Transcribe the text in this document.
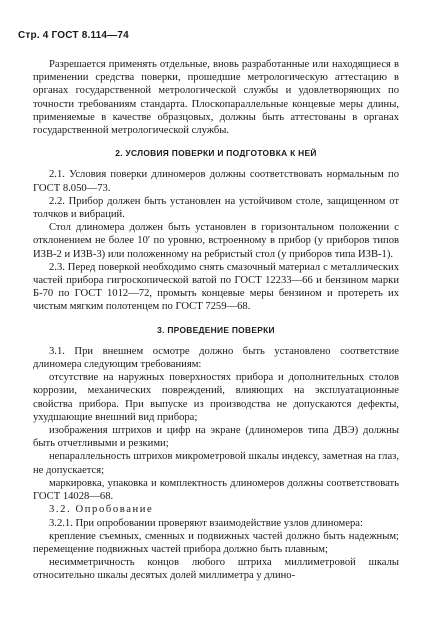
Стр. 4 ГОСТ 8.114—74

Разрешается применять отдельные, вновь разработанные или находящиеся в применении средства поверки, прошедшие метрологическую аттестацию в органах государственной метрологической службы и удовлетворяющих по точности требованиям стандарта. Плоскопараллельные концевые меры длины, применяемые в качестве образцовых, должны быть аттестованы в органах государственной метрологической службы.

2. УСЛОВИЯ ПОВЕРКИ И ПОДГОТОВКА К НЕЙ

2.1. Условия поверки длиномеров должны соответствовать нормальным по ГОСТ 8.050—73.

2.2. Прибор должен быть установлен на устойчивом столе, защищенном от толчков и вибраций.

Стол длиномера должен быть установлен в горизонтальном положении с отклонением не более 10′ по уровню, встроенному в прибор (у приборов типов ИЗВ-2 и ИЗВ-3) или положенному на ребристый стол (у приборов типа ИЗВ-1).

2.3. Перед поверкой необходимо снять смазочный материал с металлических частей прибора гигроскопической ватой по ГОСТ 12233—66 и бензином марки Б-70 по ГОСТ 1012—72, промыть концевые меры бензином и протереть их чистым мягким полотенцем по ГОСТ 7259—68.

3. ПРОВЕДЕНИЕ ПОВЕРКИ

3.1. При внешнем осмотре должно быть установлено соответствие длиномера следующим требованиям:

отсутствие на наружных поверхностях прибора и дополнительных столов коррозии, механических повреждений, влияющих на эксплуатационные свойства прибора. При выпуске из производства не допускаются дефекты, ухудшающие внешний вид прибора;

изображения штрихов и цифр на экране (длиномеров типа ДВЭ) должны быть отчетливыми и резкими;

непараллельность штрихов микрометровой шкалы индексу, заметная на глаз, не допускается;

маркировка, упаковка и комплектность длиномеров должны соответствовать ГОСТ 14028—68.

3.2. Опробование

3.2.1. При опробовании проверяют взаимодействие узлов длиномера:

крепление съемных, сменных и подвижных частей должно быть надежным; перемещение подвижных частей прибора должно быть плавным;

несимметричность концов любого штриха миллиметровой шкалы относительно шкалы десятых долей миллиметра у длино-
